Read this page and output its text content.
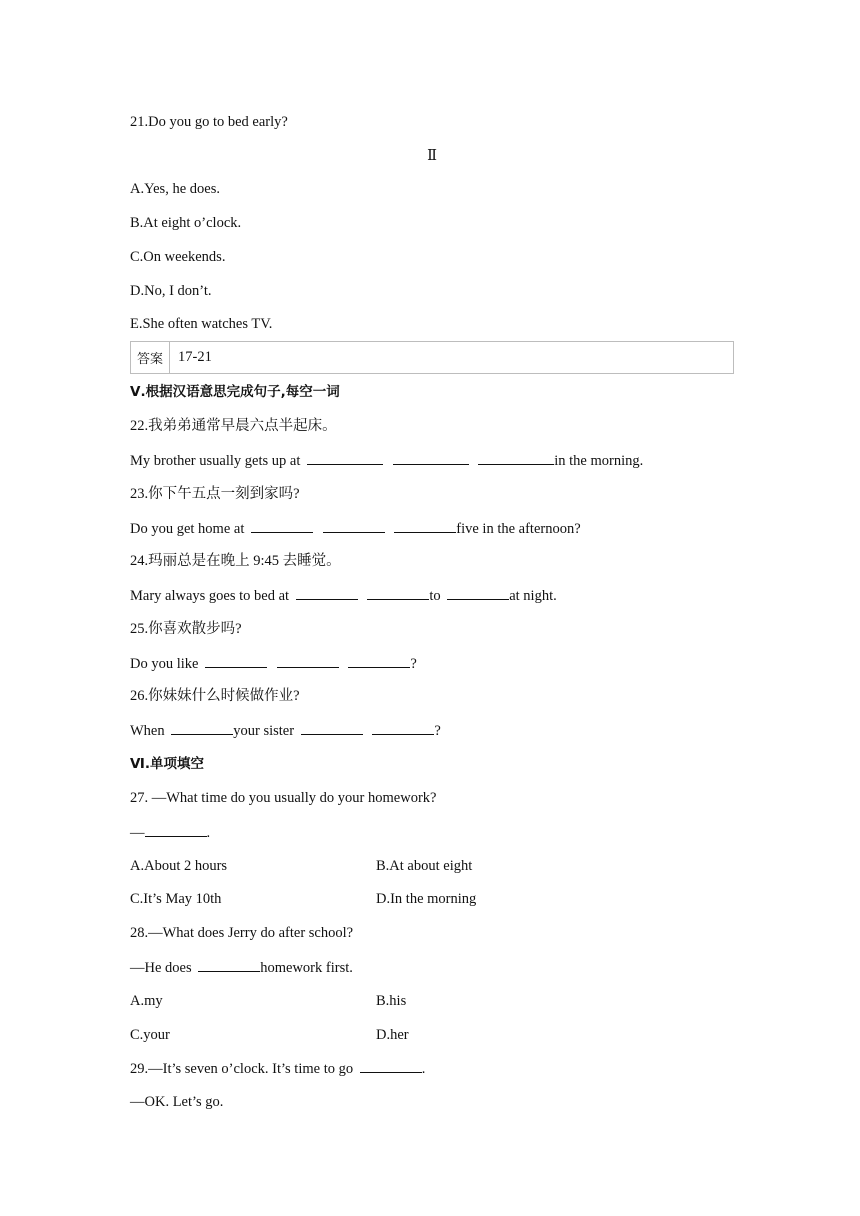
21.Do you go to bed early?
Ⅱ
A.Yes, he does.
B.At eight o’clock.
C.On weekends.
D.No, I don’t.
E.She often watches TV.
答案	17-21
Ⅴ.根据汉语意思完成句子,每空一词
22.我弟弟通常早晨六点半起床。
My brother usually gets up at	in the morning.
23.你下午五点一刻到家吗?
Do you get home at	five in the afternoon?
24.玛丽总是在晚上 9:45 去睡觉。
Mary always goes to bed at	to	at night.
25.你喜欢散步吗?
Do you like	?
26.你妹妹什么时候做作业?
When	your sister	?
Ⅵ.单项填空
27. —What time do you usually do your homework?
—	.
A.About 2 hours	B.At about eight
C.It’s May 10th	D.In the morning
28.—What does Jerry do after school?
—He does	homework first.
A.my	B.his
C.your	D.her
29.—It’s seven o’clock. It’s time to go	.
—OK. Let’s go.
